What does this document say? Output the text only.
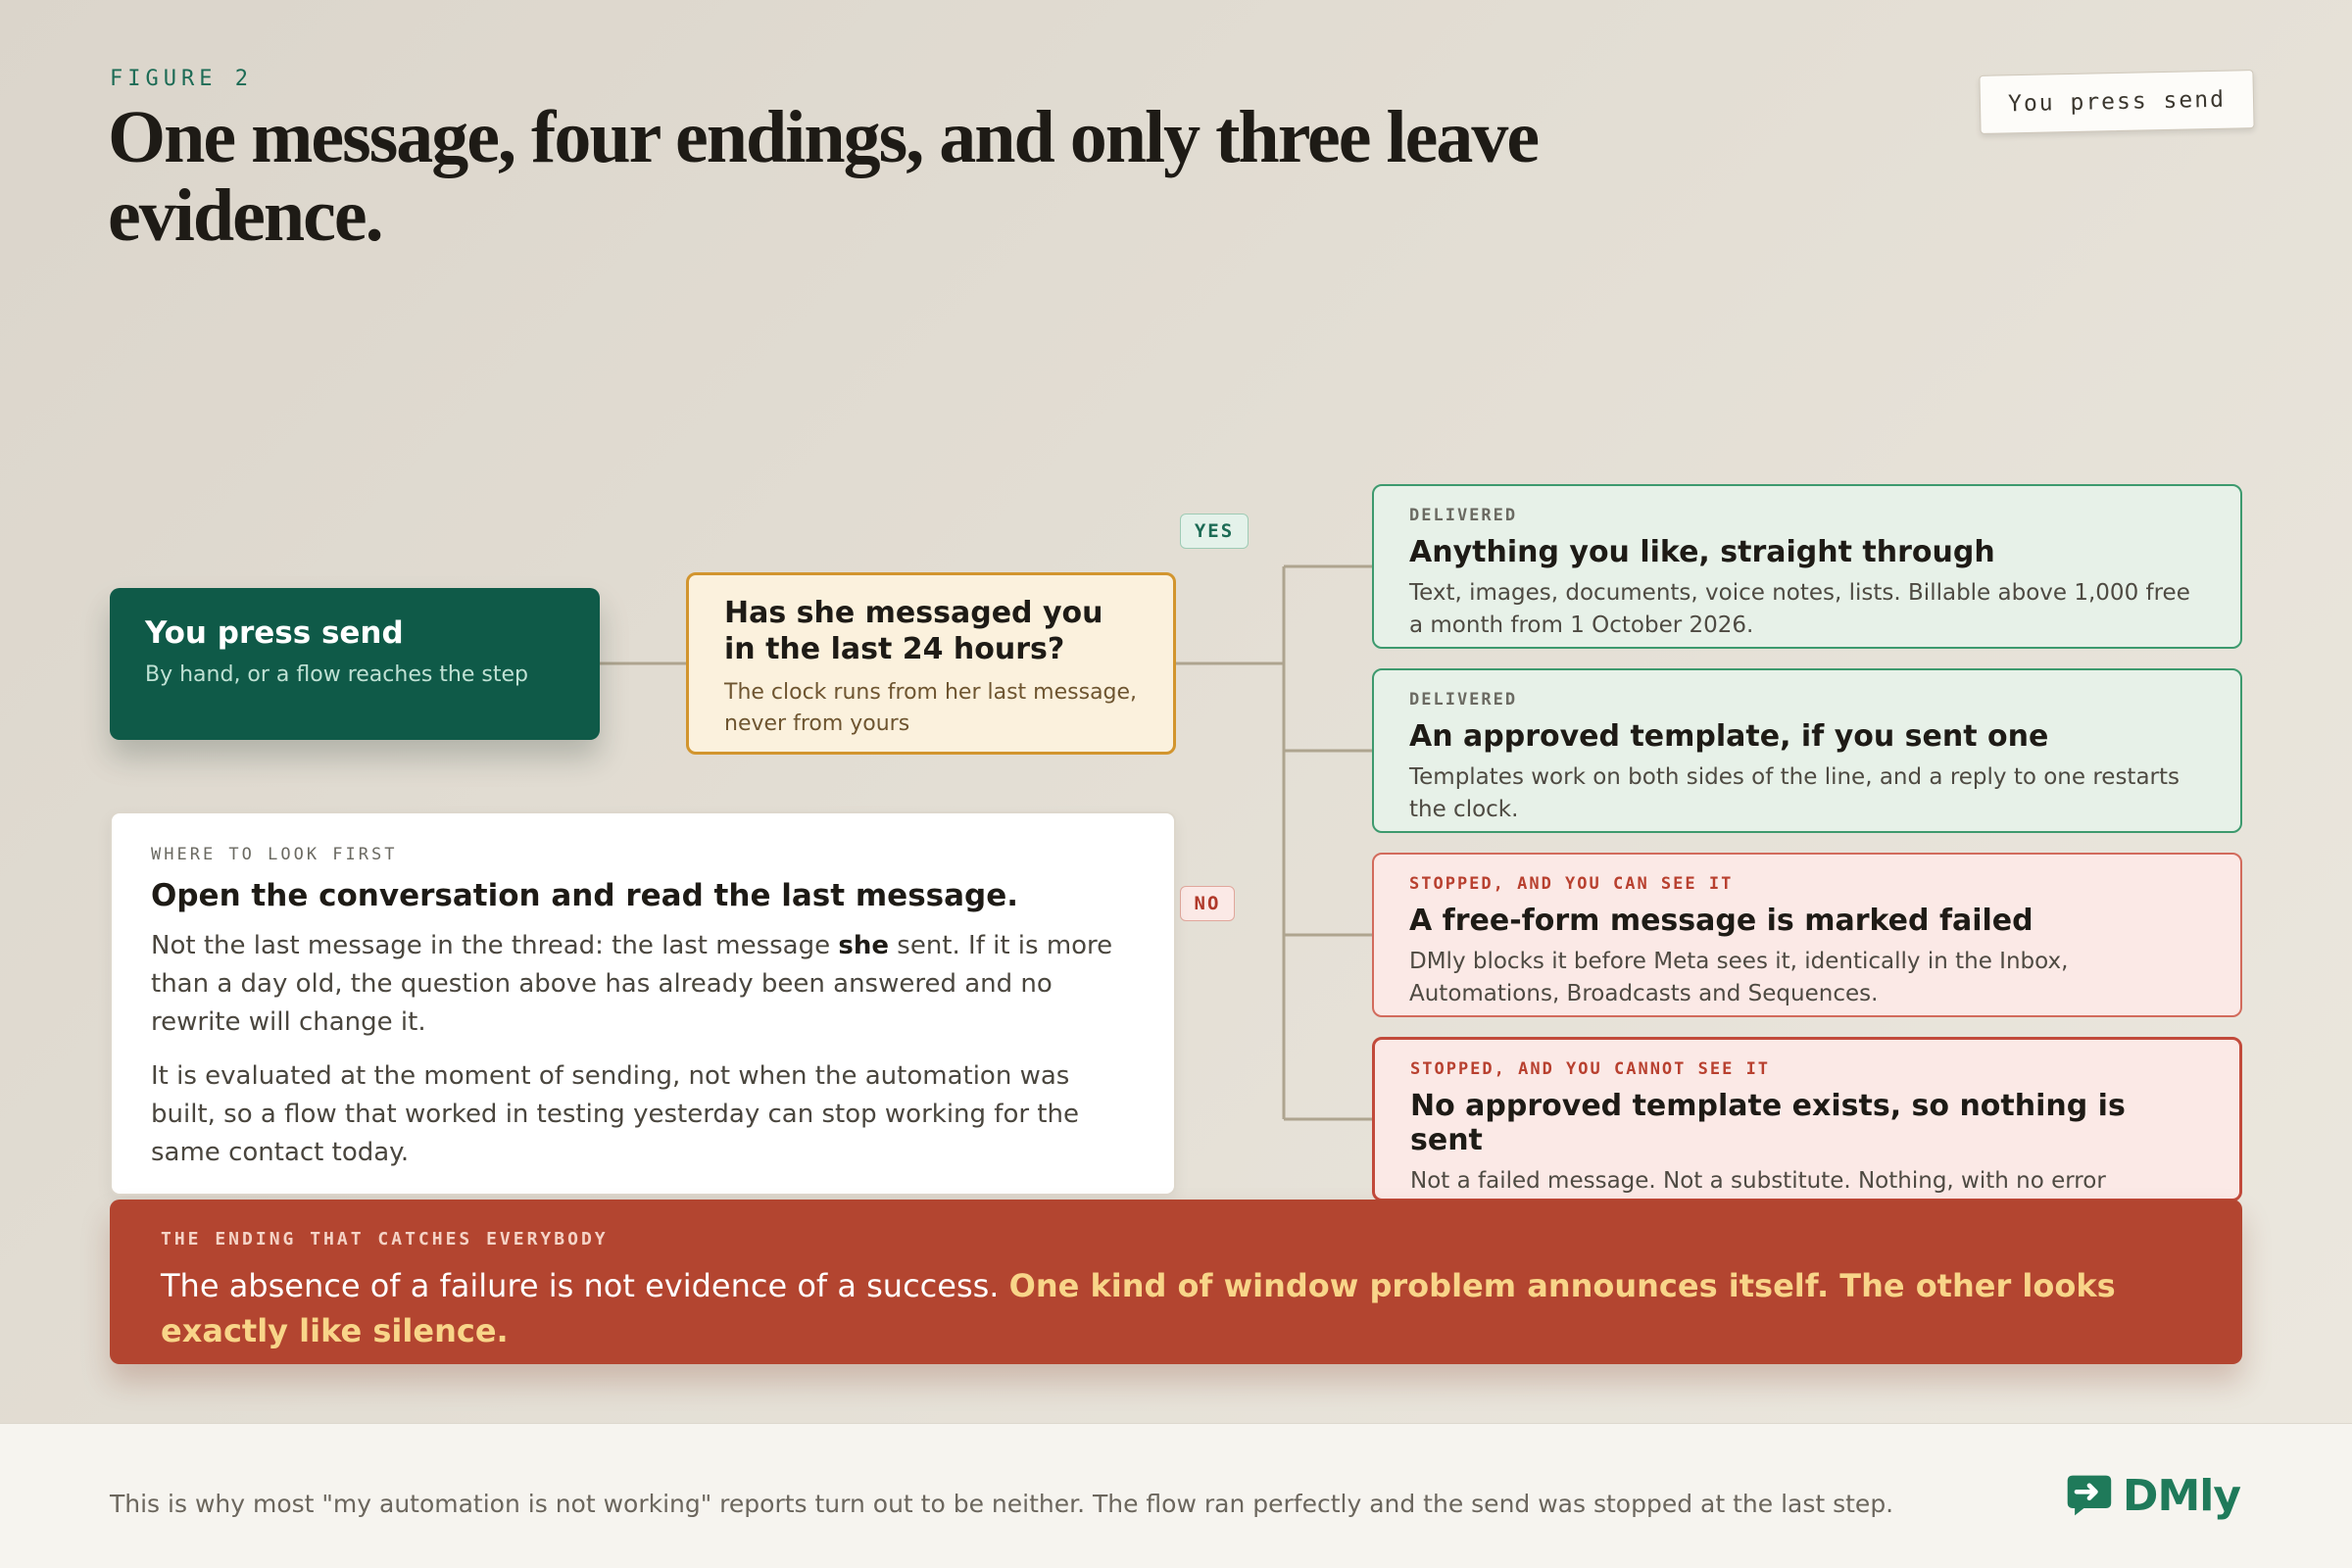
FIGURE 2
One message, four endings, and only three leave evidence.
You press send
You press send
By hand, or a flow reaches the step
Has she messaged you in the last 24 hours?
The clock runs from her last message, never from yours
YES
NO
DELIVERED
Anything you like, straight through
Text, images, documents, voice notes, lists. Billable above 1,000 free a month from 1 October 2026.
DELIVERED
An approved template, if you sent one
Templates work on both sides of the line, and a reply to one restarts the clock.
STOPPED, AND YOU CAN SEE IT
A free-form message is marked failed
DMly blocks it before Meta sees it, identically in the Inbox, Automations, Broadcasts and Sequences.
STOPPED, AND YOU CANNOT SEE IT
No approved template exists, so nothing is sent
Not a failed message. Not a substitute. Nothing, with no error
WHERE TO LOOK FIRST
Open the conversation and read the last message.

Not the last message in the thread: the last message she sent. If it is more than a day old, the question above has already been answered and no rewrite will change it.

It is evaluated at the moment of sending, not when the automation was built, so a flow that worked in testing yesterday can stop working for the same contact today.

THE ENDING THAT CATCHES EVERYBODY
The absence of a failure is not evidence of a success. One kind of window problem announces itself. The other looks exactly like silence.
This is why most "my automation is not working" reports turn out to be neither. The flow ran perfectly and the send was stopped at the last step.	DMly
